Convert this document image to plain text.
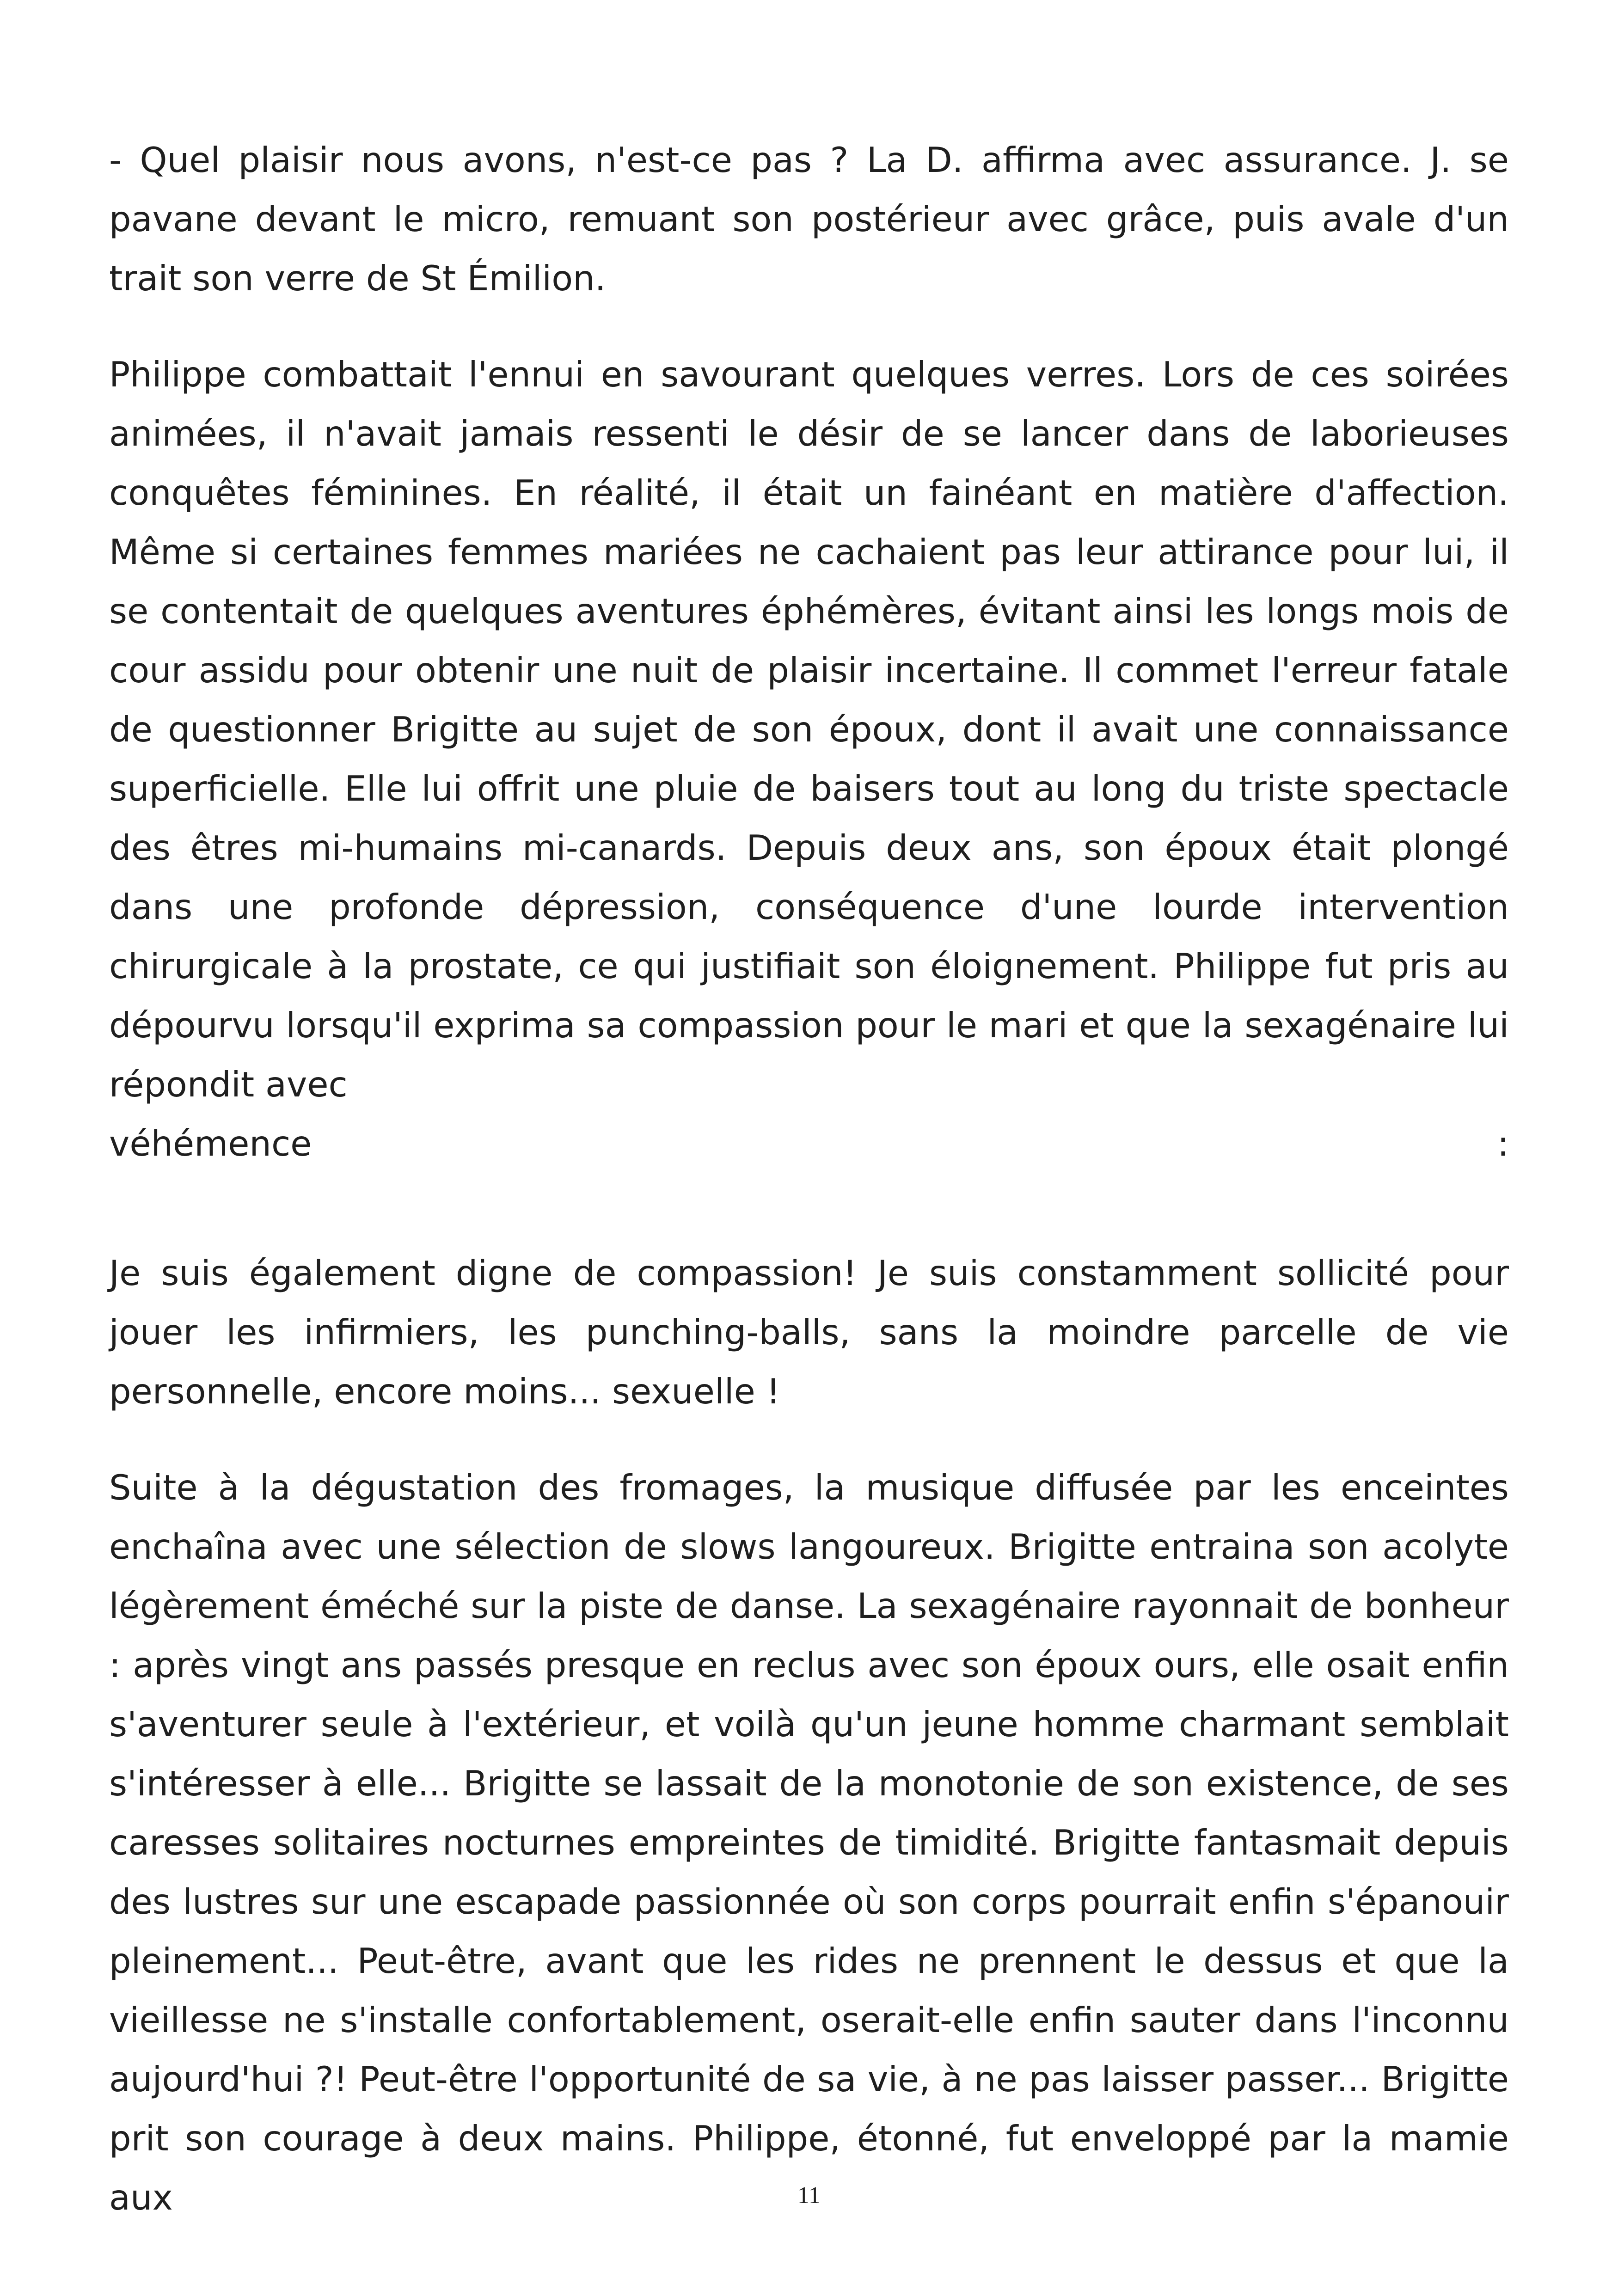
- Quel plaisir nous avons, n'est-ce pas ? La D. affirma avec assurance. J. se pavane devant le micro, remuant son postérieur avec grâce, puis avale d'un trait son verre de St Émilion.

Philippe combattait l'ennui en savourant quelques verres. Lors de ces soirées animées, il n'avait jamais ressenti le désir de se lancer dans de laborieuses conquêtes féminines. En réalité, il était un fainéant en matière d'affection. Même si certaines femmes mariées ne cachaient pas leur attirance pour lui, il se contentait de quelques aventures éphémères, évitant ainsi les longs mois de cour assidu pour obtenir une nuit de plaisir incertaine. Il commet l'erreur fatale de questionner Brigitte au sujet de son époux, dont il avait une connaissance superficielle. Elle lui offrit une pluie de baisers tout au long du triste spectacle des êtres mi-humains mi-canards. Depuis deux ans, son époux était plongé dans une profonde dépression, conséquence d'une lourde intervention chirurgicale à la prostate, ce qui justifiait son éloignement. Philippe fut pris au dépourvu lorsqu'il exprima sa compassion pour le mari et que la sexagénaire lui répondit avec

véhémence	:

Je suis également digne de compassion! Je suis constamment sollicité pour jouer les infirmiers, les punching-balls, sans la moindre parcelle de vie personnelle, encore moins... sexuelle !

Suite à la dégustation des fromages, la musique diffusée par les enceintes enchaîna avec une sélection de slows langoureux. Brigitte entraina son acolyte légèrement éméché sur la piste de danse. La sexagénaire rayonnait de bonheur : après vingt ans passés presque en reclus avec son époux ours, elle osait enfin s'aventurer seule à l'extérieur, et voilà qu'un jeune homme charmant semblait s'intéresser à elle... Brigitte se lassait de la monotonie de son existence, de ses caresses solitaires nocturnes empreintes de timidité. Brigitte fantasmait depuis des lustres sur une escapade passionnée où son corps pourrait enfin s'épanouir pleinement... Peut-être, avant que les rides ne prennent le dessus et que la vieillesse ne s'installe confortablement, oserait-elle enfin sauter dans l'inconnu aujourd'hui ?! Peut-être l'opportunité de sa vie, à ne pas laisser passer... Brigitte prit son courage à deux mains. Philippe, étonné, fut enveloppé par la mamie aux	11
